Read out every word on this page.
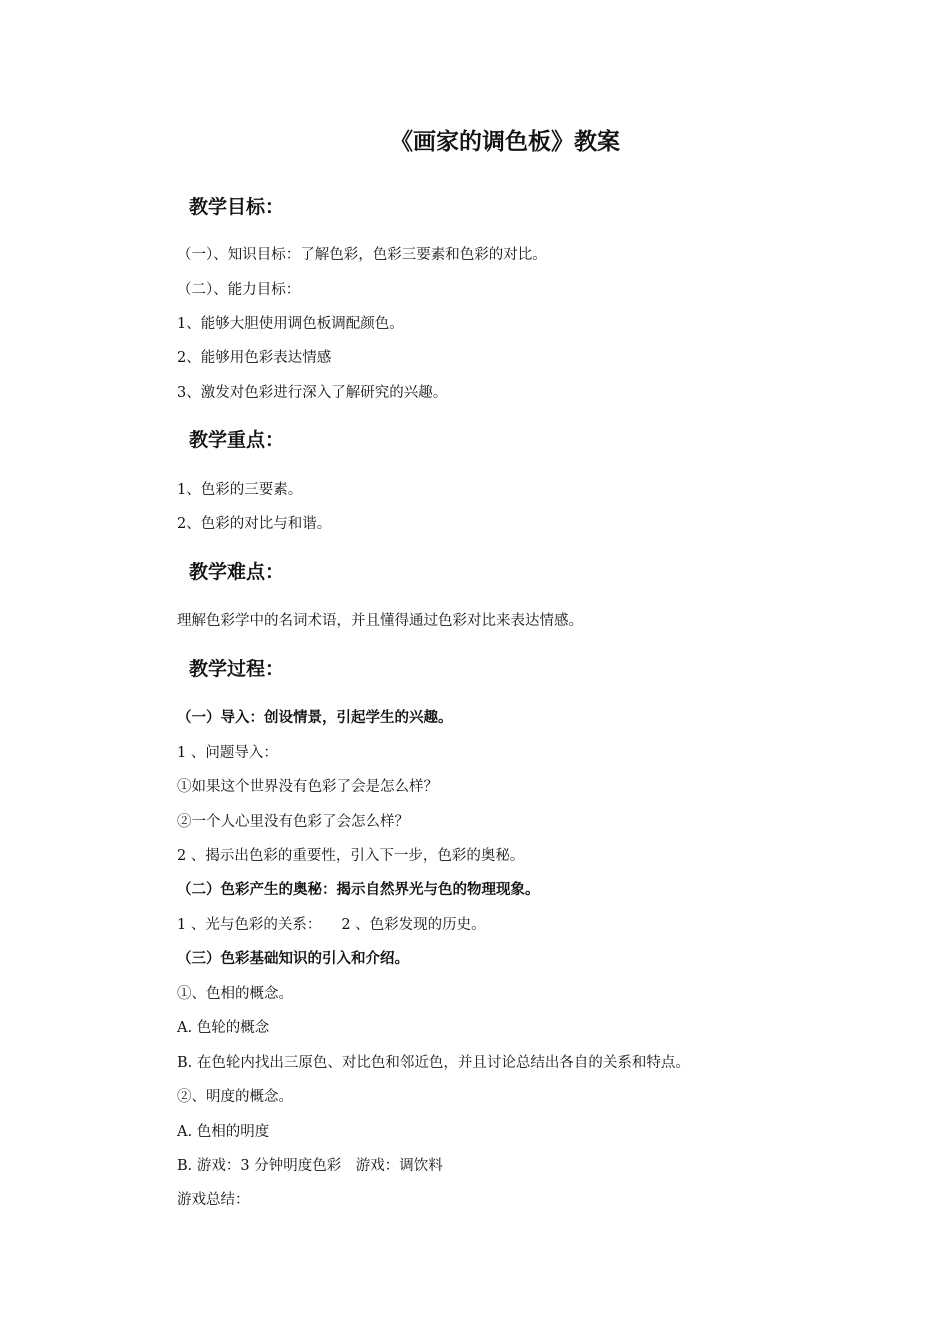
《画家的调色板》教案
教学目标：
（一）、知识目标：了解色彩，色彩三要素和色彩的对比。
（二）、能力目标：
1、能够大胆使用调色板调配颜色。
2、能够用色彩表达情感
3、激发对色彩进行深入了解研究的兴趣。
教学重点：
1、色彩的三要素。
2、色彩的对比与和谐。
教学难点：
理解色彩学中的名词术语，并且懂得通过色彩对比来表达情感。
教学过程：
（一）导入：创设情景，引起学生的兴趣。
1 、问题导入：
①如果这个世界没有色彩了会是怎么样？
②一个人心里没有色彩了会怎么样？
2 、揭示出色彩的重要性，引入下一步，色彩的奥秘。
（二）色彩产生的奥秘：揭示自然界光与色的物理现象。
1 、光与色彩的关系： 2 、色彩发现的历史。
（三）色彩基础知识的引入和介绍。
①、色相的概念。
A. 色轮的概念
B. 在色轮内找出三原色、对比色和邻近色，并且讨论总结出各自的关系和特点。
②、明度的概念。
A. 色相的明度
B. 游戏：3 分钟明度色彩　游戏：调饮料
游戏总结：
